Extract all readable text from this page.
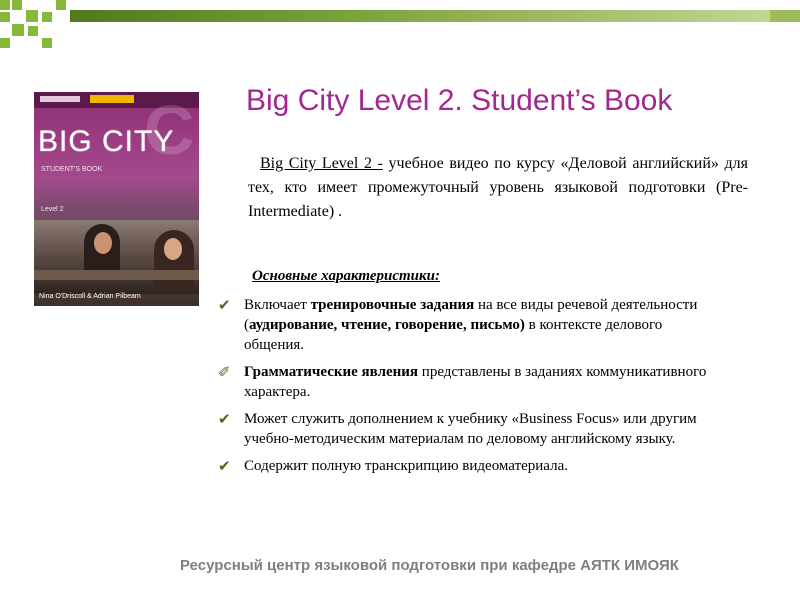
C
BIG CITY
STUDENT'S BOOK
Level 2
Nina O'Driscoll & Adrian Pilbeam
Big City Level 2. Student’s Book

Big City Level 2 - учебное видео по курсу «Деловой английский» для тех, кто имеет промежуточный уровень языковой подготовки (Pre-Intermediate) .

Основные характеристики:
✔ Включает тренировочные задания на все виды речевой деятельности (аудирование, чтение, говорение, письмо) в контексте делового общения.
✐ Грамматические явления представлены в заданиях коммуникативного характера.
✔ Может служить дополнением к учебнику «Business Focus» или другим учебно-методическим материалам по деловому английскому языку.
✔ Содержит полную транскрипцию видеоматериала.
Ресурсный центр языковой подготовки при кафедре АЯТК ИМОЯК
